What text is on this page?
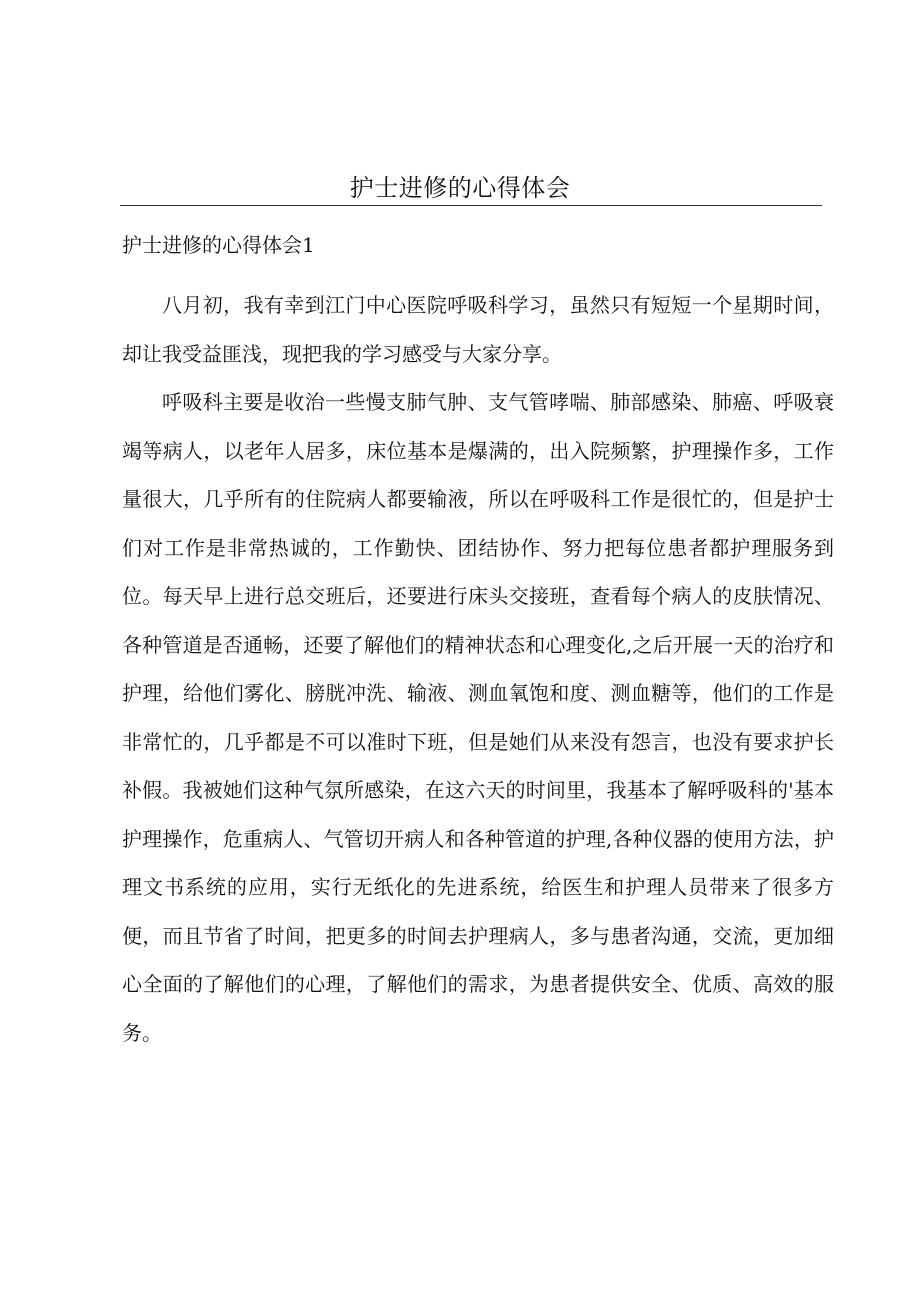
护士进修的心得体会
护士进修的心得体会1

八月初，我有幸到江门中心医院呼吸科学习，虽然只有短短一个星期时间，却让我受益匪浅，现把我的学习感受与大家分享。

呼吸科主要是收治一些慢支肺气肿、支气管哮喘、肺部感染、肺癌、呼吸衰竭等病人，以老年人居多，床位基本是爆满的，出入院频繁，护理操作多，工作量很大，几乎所有的住院病人都要输液，所以在呼吸科工作是很忙的，但是护士们对工作是非常热诚的，工作勤快、团结协作、努力把每位患者都护理服务到位。每天早上进行总交班后，还要进行床头交接班，查看每个病人的皮肤情况、各种管道是否通畅，还要了解他们的精神状态和心理变化,之后开展一天的治疗和护理，给他们雾化、膀胱冲洗、输液、测血氧饱和度、测血糖等，他们的工作是非常忙的，几乎都是不可以准时下班，但是她们从来没有怨言，也没有要求护长补假。我被她们这种气氛所感染，在这六天的时间里，我基本了解呼吸科的'基本护理操作，危重病人、气管切开病人和各种管道的护理,各种仪器的使用方法，护理文书系统的应用，实行无纸化的先进系统，给医生和护理人员带来了很多方便，而且节省了时间，把更多的时间去护理病人，多与患者沟通，交流，更加细心全面的了解他们的心理，了解他们的需求，为患者提供安全、优质、高效的服务。
